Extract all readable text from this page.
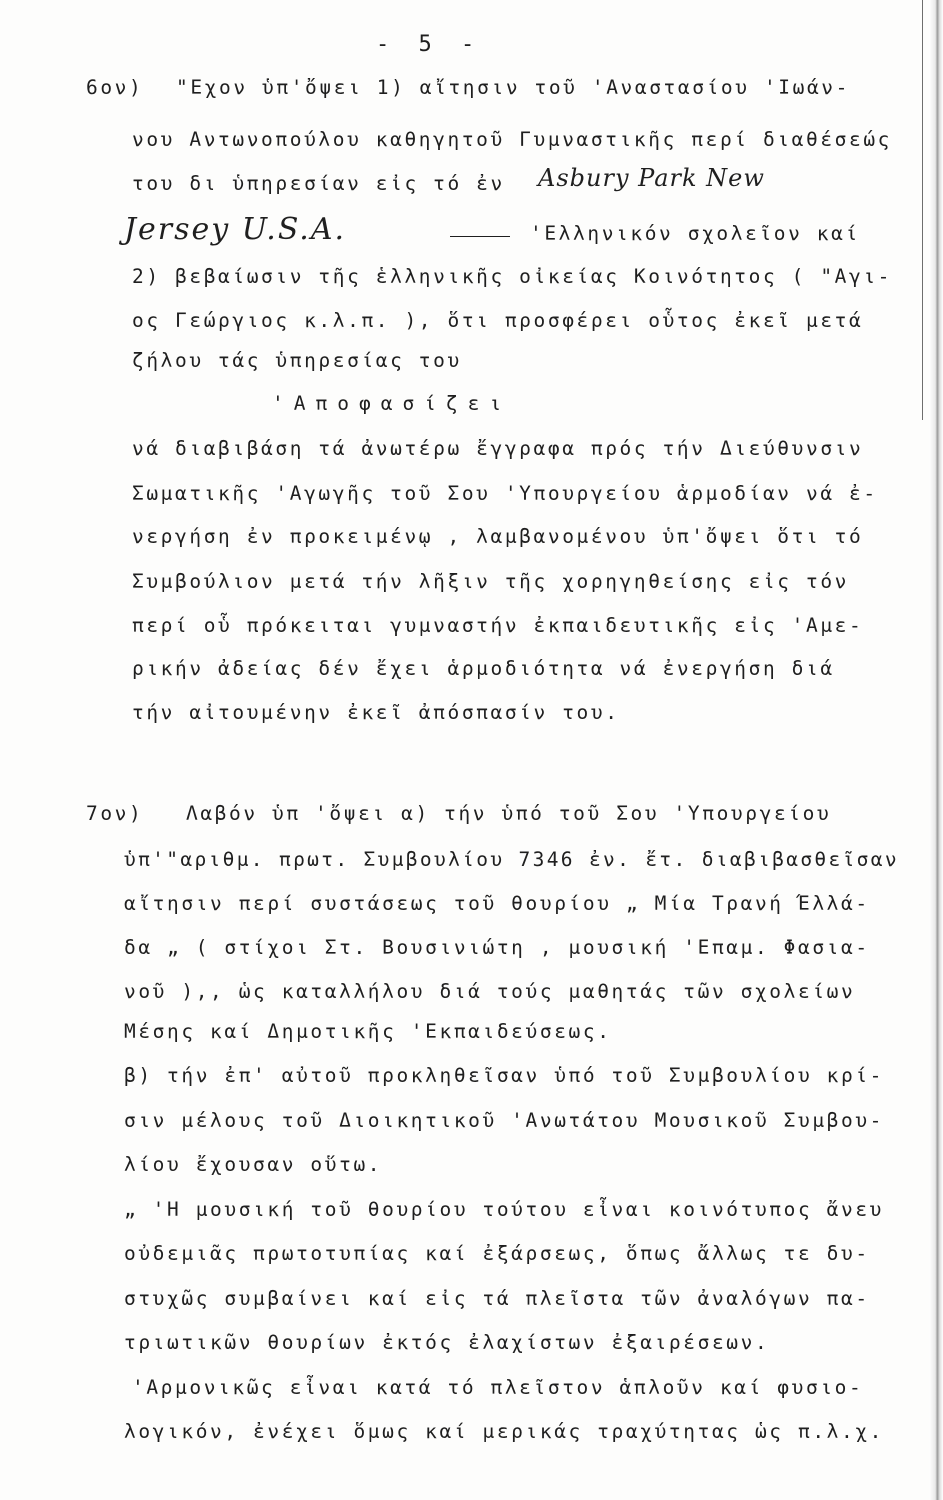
- 5 -
6ον) "Εχον ὑπ'ὄψει 1) αἴτησιν τοῦ 'Αναστασίου 'Ιωάν-
νου Αντωνοπούλου καθηγητοῦ Γυμναστικῆς περί διαθέσεώς
του δι ὑπηρεσίαν εἰς τό ἐν Asbury Park New
Jersey U.S.A.	'Ελληνικόν σχολεῖον καί
2) βεβαίωσιν τῆς ἑλληνικῆς οἰκείας Κοινότητος ( "Αγι-
ος Γεώργιος κ.λ.π. ), ὅτι προσφέρει οὗτος ἐκεῖ μετά
ζήλου τάς ὑπηρεσίας του
'Αποφασίζει
νά διαβιβάση τά ἀνωτέρω ἔγγραφα πρός τήν Διεύθυνσιν
Σωματικῆς 'Αγωγῆς τοῦ Σου 'Υπουργείου ἁρμοδίαν νά ἐ-
νεργήση ἐν προκειμένῳ , λαμβανομένου ὑπ'ὄψει ὅτι τό
Συμβούλιον μετά τήν λῆξιν τῆς χορηγηθείσης εἰς τόν
περί οὗ πρόκειται γυμναστήν ἐκπαιδευτικῆς εἰς 'Αμε-
ρικήν ἀδείας δέν ἔχει ἁρμοδιότητα νά ἐνεργήση διά
τήν αἰτουμένην ἐκεῖ ἀπόσπασίν του.
7ον) Λαβόν ὑπ 'ὄψει α) τήν ὑπό τοῦ Σου 'Υπουργείου
ὑπ'"αριθμ. πρωτ. Συμβουλίου 7346 ἐν. ἔτ. διαβιβασθεῖσαν
αἴτησιν περί συστάσεως τοῦ θουρίου „ Μία Τρανή Έλλά-
δα „ ( στίχοι Στ. Βουσινιώτη , μουσική 'Επαμ. Φασια-
νοῦ ),, ὡς καταλλήλου διά τούς μαθητάς τῶν σχολείων
Μέσης καί Δημοτικῆς 'Εκπαιδεύσεως.
β) τήν ἐπ' αὐτοῦ προκληθεῖσαν ὑπό τοῦ Συμβουλίου κρί-
σιν μέλους τοῦ Διοικητικοῦ 'Ανωτάτου Μουσικοῦ Συμβου-
λίου ἔχουσαν οὕτω.
„ 'Η μουσική τοῦ θουρίου τούτου εἶναι κοινότυπος ἄνευ
οὐδεμιᾶς πρωτοτυπίας καί ἐξάρσεως, ὅπως ἄλλως τε δυ-
στυχῶς συμβαίνει καί εἰς τά πλεῖστα τῶν ἀναλόγων πα-
τριωτικῶν θουρίων ἐκτός ἐλαχίστων ἐξαιρέσεων.
'Αρμονικῶς εἶναι κατά τό πλεῖστον ἁπλοῦν καί φυσιο-
λογικόν, ἐνέχει ὅμως καί μερικάς τραχύτητας ὡς π.λ.χ.
